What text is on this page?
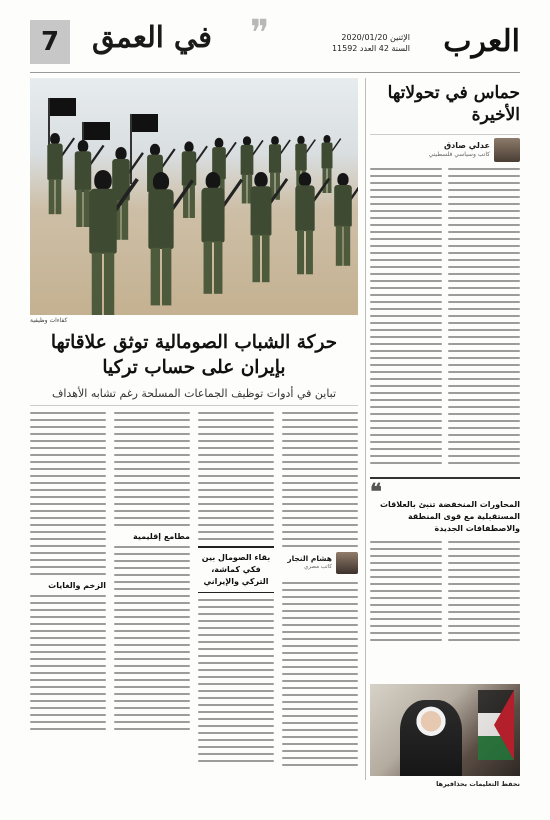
العرب
الإثنين 2020/01/20
السنة 42 العدد 11592
❞
في العمق
7
حماس في تحولاتها الأخيرة
عدلي صادق
كاتب وسياسي فلسطيني
❝
المحاورات المنخفضة تنبئ بالعلاقات المستقبلية مع قوى المنطقة والاصطفافات الجديدة
نحفظ التعليمات بحذافيرها
كفاءات وظيفية
حركة الشباب الصومالية توثق علاقاتها
بإيران على حساب تركيا
تباين في أدوات توظيف الجماعات المسلحة رغم تشابه الأهداف
هشام النجار
كاتب مصري
بقاء الصومال بين فكي كماشة، التركي والإيراني
مطامع إقليمية
الزخم والغايات
